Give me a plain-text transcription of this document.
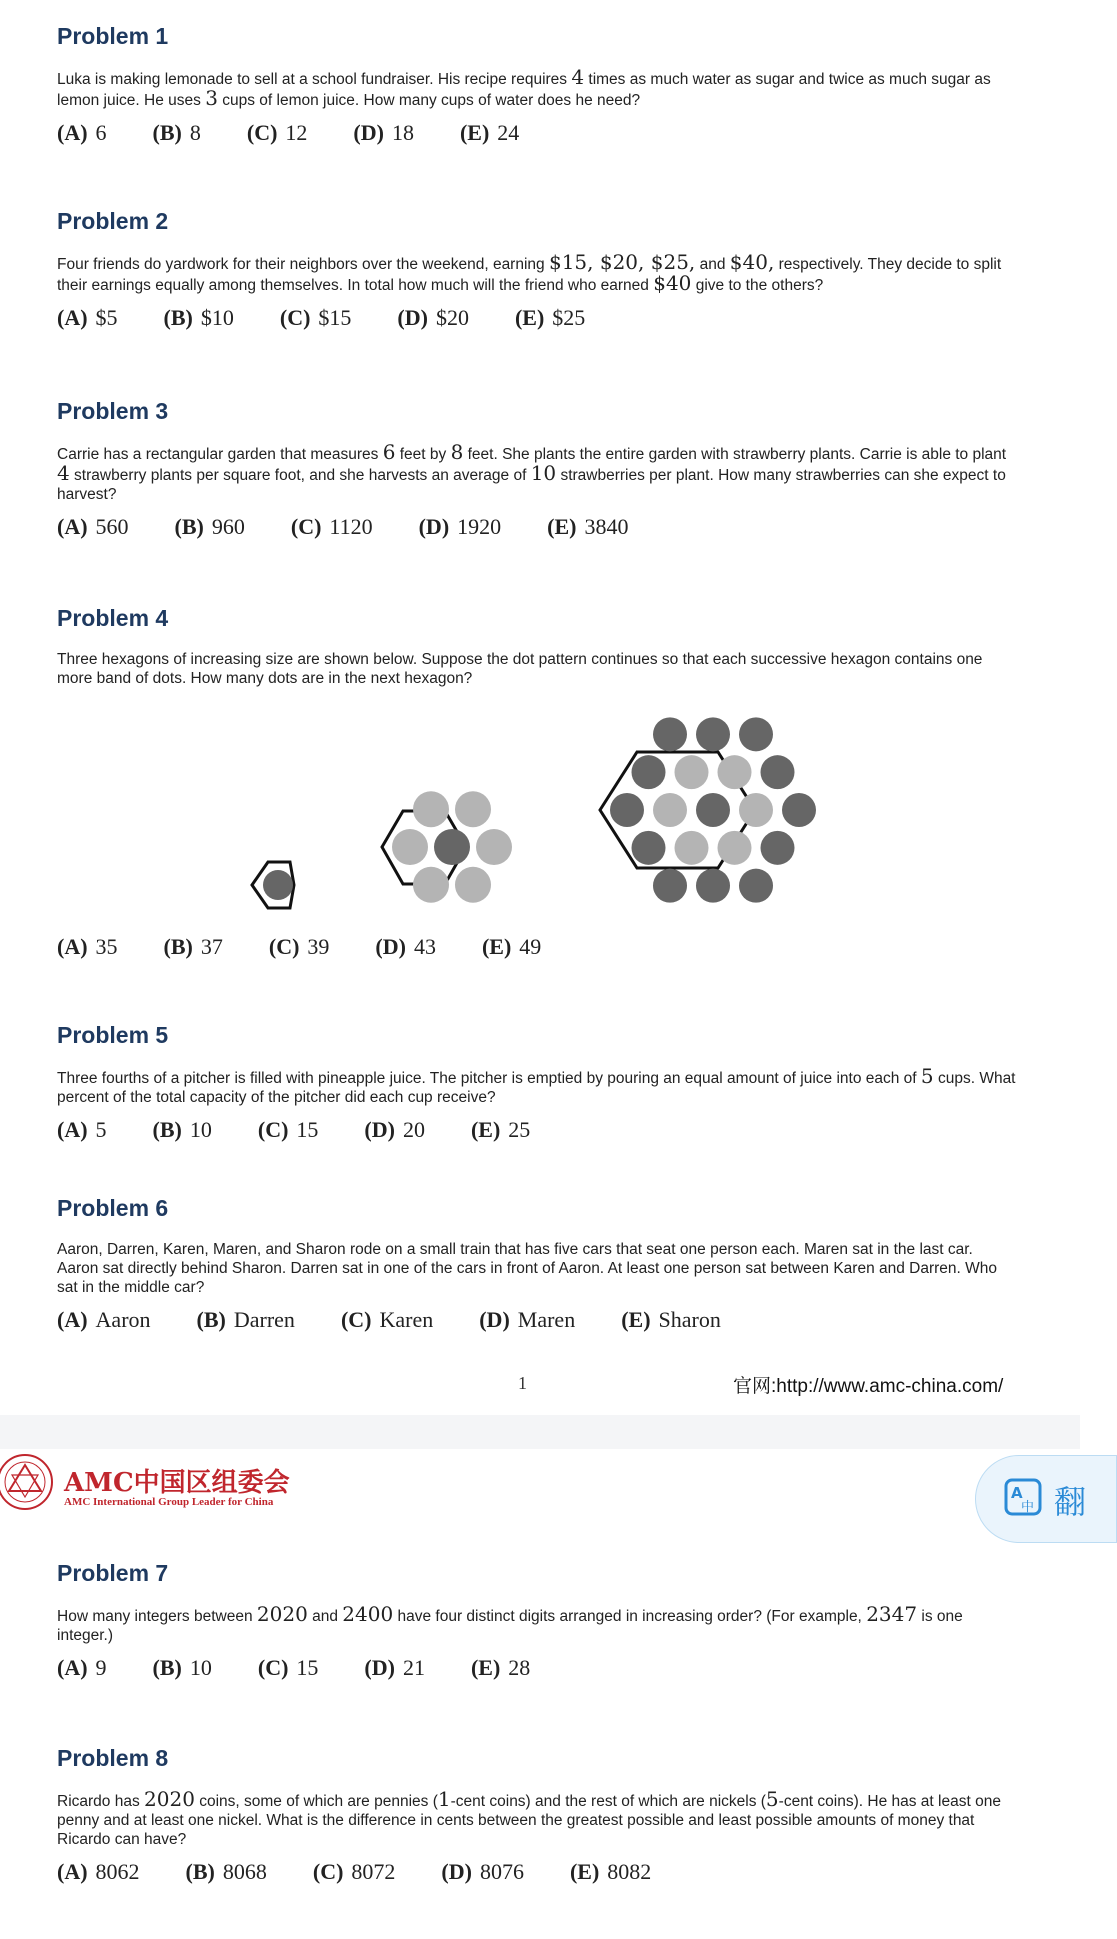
Problem 1
Luka is making lemonade to sell at a school fundraiser. His recipe requires 4 times as much water as sugar and twice as much sugar as lemon juice. He uses 3 cups of lemon juice. How many cups of water does he need?
(A) 6 (B) 8 (C) 12 (D) 18 (E) 24
Problem 2
Four friends do yardwork for their neighbors over the weekend, earning $15, $20, $25, and $40, respectively. They decide to split their earnings equally among themselves. In total how much will the friend who earned $40 give to the others?
(A) $5 (B) $10 (C) $15 (D) $20 (E) $25
Problem 3
Carrie has a rectangular garden that measures 6 feet by 8 feet. She plants the entire garden with strawberry plants. Carrie is able to plant 4 strawberry plants per square foot, and she harvests an average of 10 strawberries per plant. How many strawberries can she expect to harvest?
(A) 560 (B) 960 (C) 1120 (D) 1920 (E) 3840
Problem 4
Three hexagons of increasing size are shown below. Suppose the dot pattern continues so that each successive hexagon contains one more band of dots. How many dots are in the next hexagon?
(A) 35 (B) 37 (C) 39 (D) 43 (E) 49
Problem 5
Three fourths of a pitcher is filled with pineapple juice. The pitcher is emptied by pouring an equal amount of juice into each of 5 cups. What percent of the total capacity of the pitcher did each cup receive?
(A) 5 (B) 10 (C) 15 (D) 20 (E) 25
Problem 6
Aaron, Darren, Karen, Maren, and Sharon rode on a small train that has five cars that seat one person each. Maren sat in the last car. Aaron sat directly behind Sharon. Darren sat in one of the cars in front of Aaron. At least one person sat between Karen and Darren. Who sat in the middle car?
(A) Aaron (B) Darren (C) Karen (D) Maren (E) Sharon
1	官网:http://www.amc-china.com/
AMC中国区组委会
AMC International Group Leader for China	A
中 翻
Problem 7
How many integers between 2020 and 2400 have four distinct digits arranged in increasing order? (For example, 2347 is one integer.)
(A) 9 (B) 10 (C) 15 (D) 21 (E) 28
Problem 8
Ricardo has 2020 coins, some of which are pennies (1-cent coins) and the rest of which are nickels (5-cent coins). He has at least one penny and at least one nickel. What is the difference in cents between the greatest possible and least possible amounts of money that Ricardo can have?
(A) 8062 (B) 8068 (C) 8072 (D) 8076 (E) 8082
